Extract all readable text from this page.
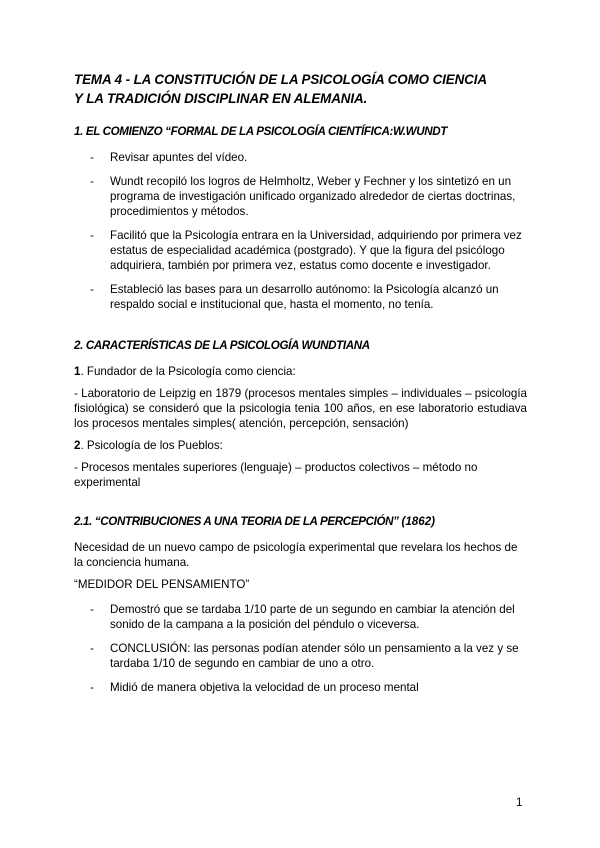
TEMA 4 - LA CONSTITUCIÓN DE LA PSICOLOGÍA COMO CIENCIA
Y LA TRADICIÓN DISCIPLINAR EN ALEMANIA.
1. EL COMIENZO “FORMAL DE LA PSICOLOGÍA CIENTÍFICA:W.WUNDT
- Revisar apuntes del vídeo.
- Wundt recopiló los logros de Helmholtz, Weber y Fechner y los sintetizó en un programa de investigación unificado organizado alrededor de ciertas doctrinas, procedimientos y métodos.
- Facilitó que la Psicología entrara en la Universidad, adquiriendo por primera vez estatus de especialidad académica (postgrado). Y que la figura del psicólogo adquiriera, también por primera vez, estatus como docente e investigador.
- Estableció las bases para un desarrollo autónomo: la Psicología alcanzó un respaldo social e institucional que, hasta el momento, no tenía.
2. CARACTERÍSTICAS DE LA PSICOLOGÍA WUNDTIANA
1. Fundador de la Psicología como ciencia:
- Laboratorio de Leipzig en 1879 (procesos mentales simples – individuales – psicología fisiológica) se consideró que la psicologia tenia 100 años, en ese laboratorio estudiava los procesos mentales simples( atención, percepción, sensación)
2. Psicología de los Pueblos:
- Procesos mentales superiores (lenguaje) – productos colectivos – método no experimental
2.1. “CONTRIBUCIONES A UNA TEORIA DE LA PERCEPCIÓN” (1862)
Necesidad de un nuevo campo de psicología experimental que revelara los hechos de la conciencia humana.
“MEDIDOR DEL PENSAMIENTO”
- Demostró que se tardaba 1/10 parte de un segundo en cambiar la atención del sonido de la campana a la posición del péndulo o viceversa.
- CONCLUSIÓN: las personas podían atender sólo un pensamiento a la vez y se tardaba 1/10 de segundo en cambiar de uno a otro.
- Midió de manera objetiva la velocidad de un proceso mental
1
